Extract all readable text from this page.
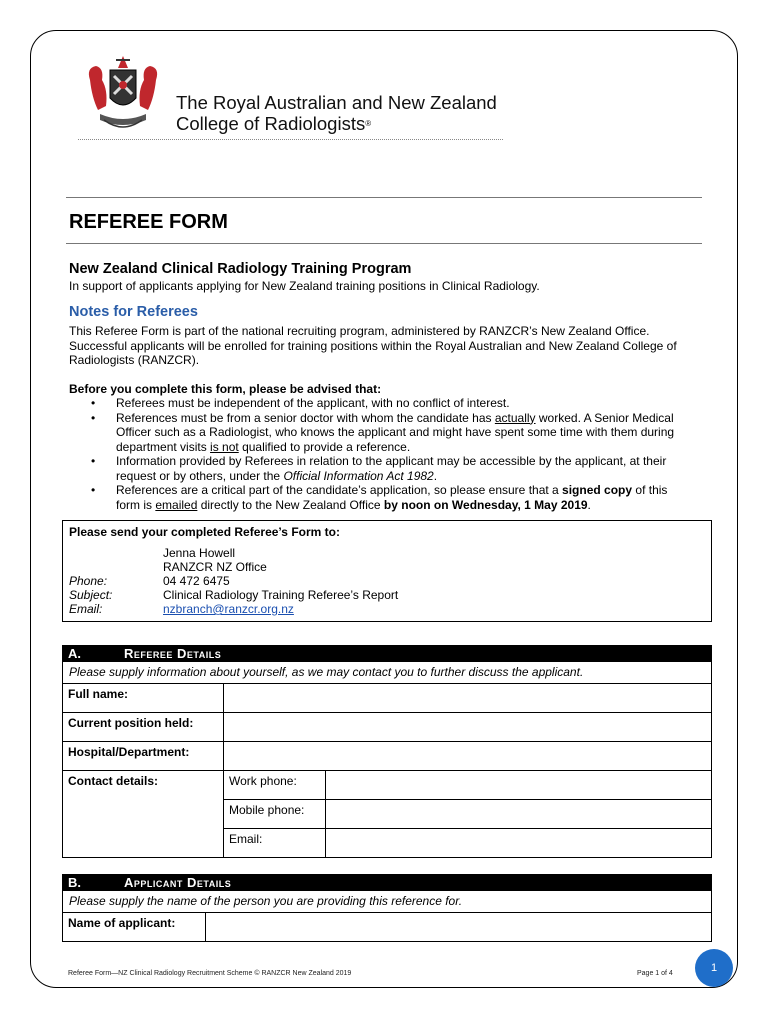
The Royal Australian and New Zealand
College of Radiologists®
REFEREE FORM
New Zealand Clinical Radiology Training Program
In support of applicants applying for New Zealand training positions in Clinical Radiology.
Notes for Referees
This Referee Form is part of the national recruiting program, administered by RANZCR’s New Zealand Office. Successful applicants will be enrolled for training positions within the Royal Australian and New Zealand College of Radiologists (RANZCR).
Before you complete this form, please be advised that:
• Referees must be independent of the applicant, with no conflict of interest.
• References must be from a senior doctor with whom the candidate has actually worked. A Senior Medical Officer such as a Radiologist, who knows the applicant and might have spent some time with them during department visits is not qualified to provide a reference.
• Information provided by Referees in relation to the applicant may be accessible by the applicant, at their request or by others, under the Official Information Act 1982.
• References are a critical part of the candidate’s application, so please ensure that a signed copy of this form is emailed directly to the New Zealand Office by noon on Wednesday, 1 May 2019.
Please send your completed Referee’s Form to:
Jenna Howell
RANZCR NZ Office
Phone:	04 472 6475
Subject:	Clinical Radiology Training Referee’s Report
Email:	nzbranch@ranzcr.org.nz
A.	Referee Details
Please supply information about yourself, as we may contact you to further discuss the applicant.
Full name:		
Current position held:		
Hospital/Department:		
Contact details:	Work phone:	
	Mobile phone:	
	Email:	
B.	Applicant Details
Please supply the name of the person you are providing this reference for.
Name of applicant:	
Referee Form—NZ Clinical Radiology Recruitment Scheme © RANZCR New Zealand 2019	Page 1 of 4	1
